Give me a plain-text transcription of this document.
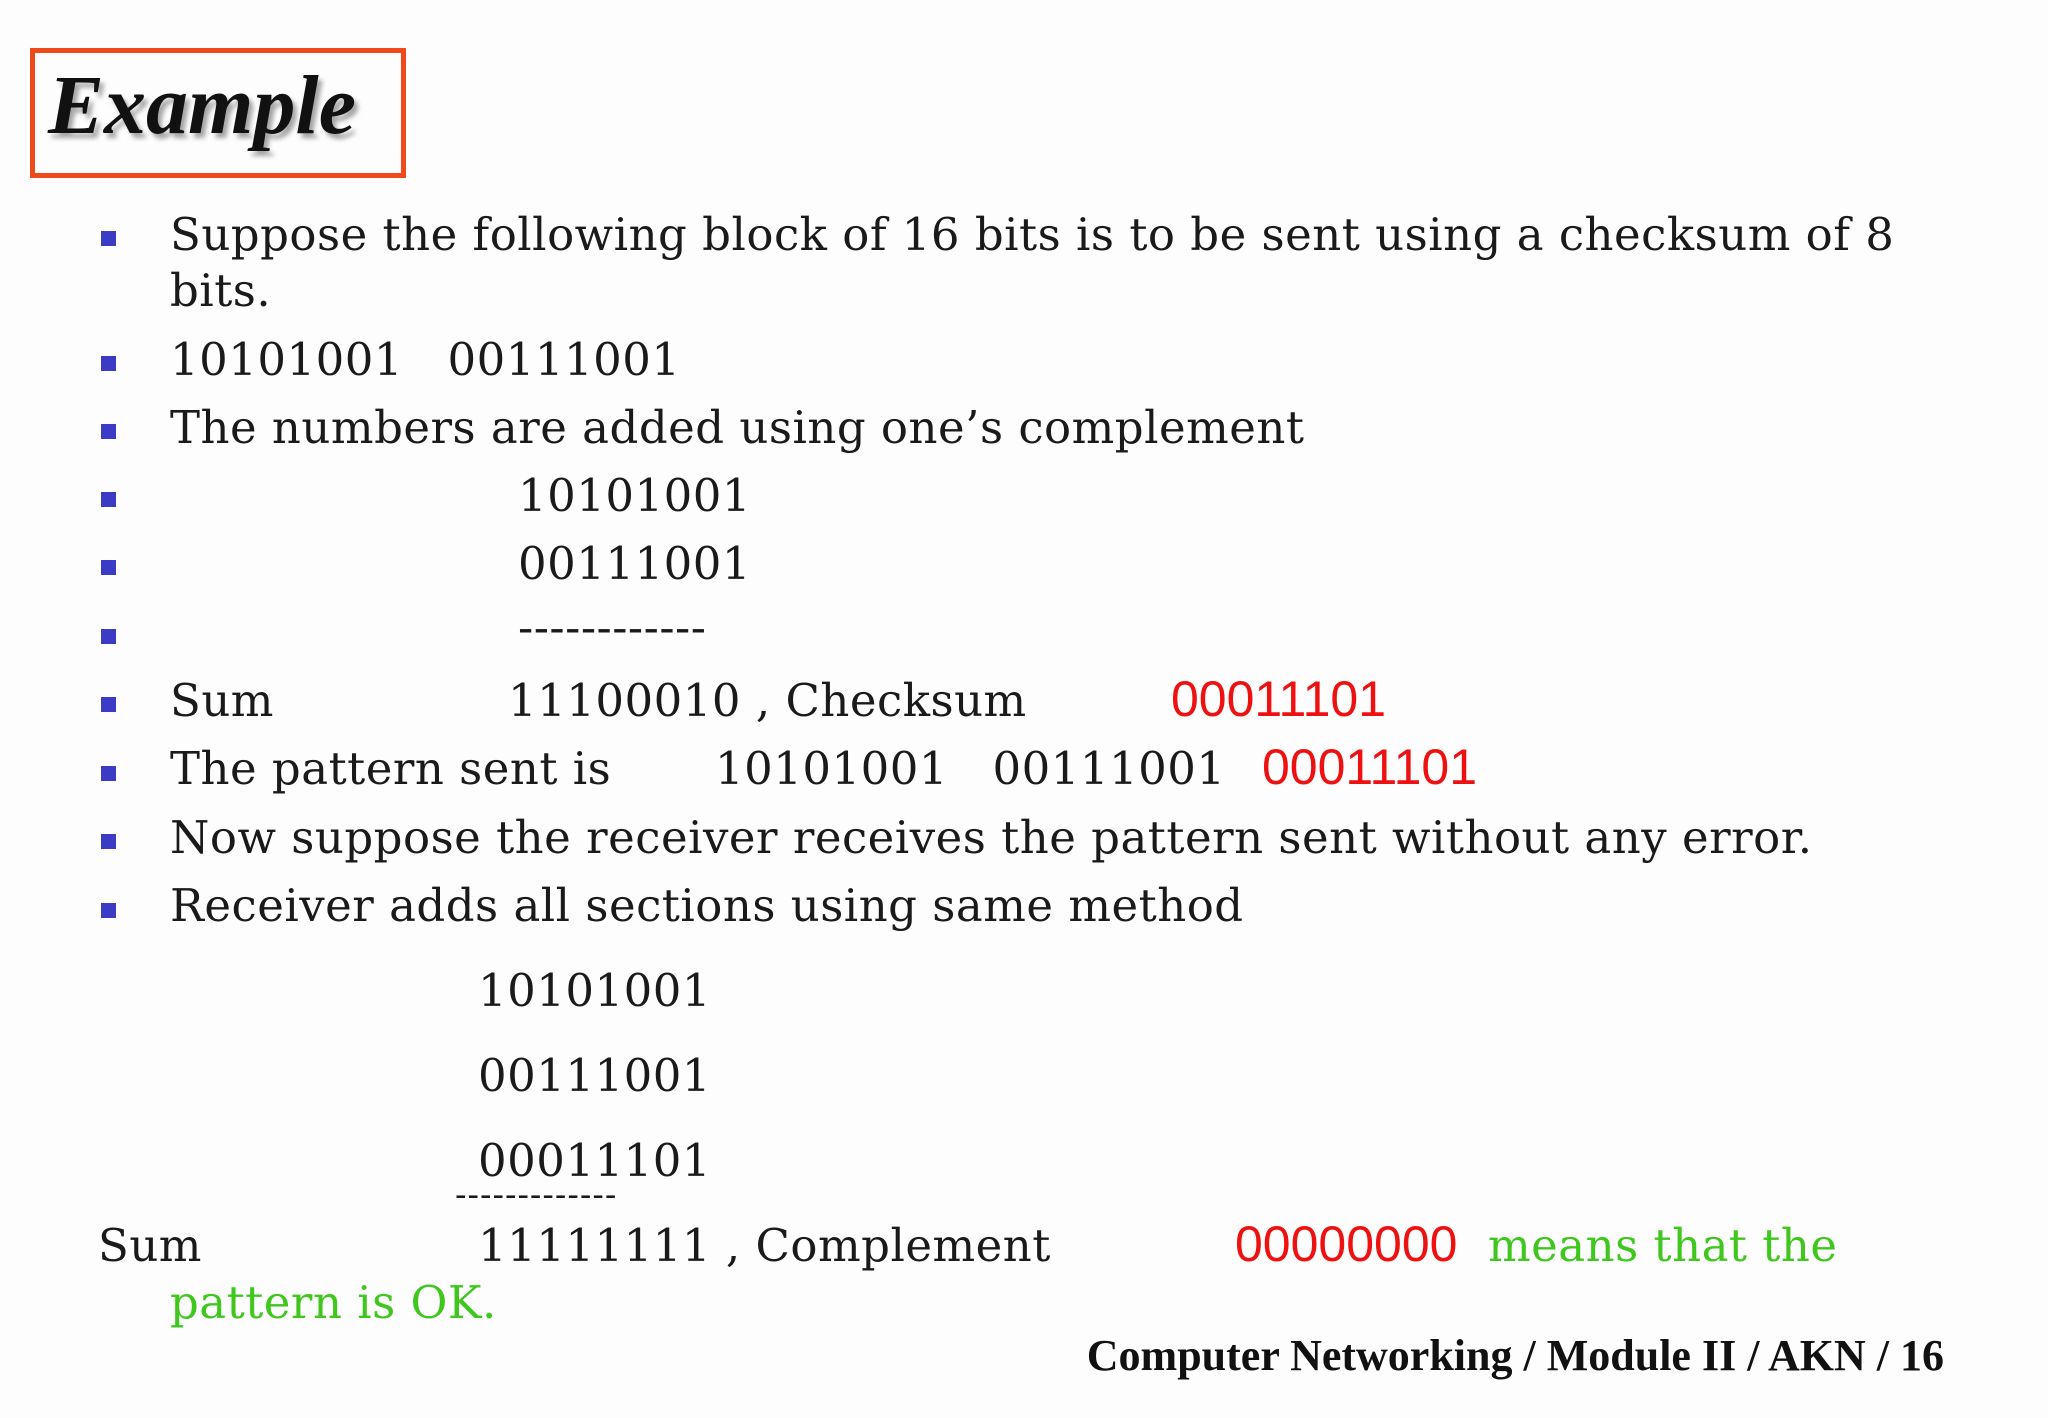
Example
Suppose the following block of 16 bits is to be sent using a checksum of 8
bits.
10101001   00111001
The numbers are added using one’s complement
10101001
00111001
------------
Sum	11100010 , Checksum	00011101
The pattern sent is 10101001   00111001 00011101
Now suppose the receiver receives the pattern sent without any error.
Receiver adds all sections using same method
10101001
00111001
00011101
-------------
Sum	11111111 , Complement	00000000 means that the
pattern is OK.
Computer Networking / Module II / AKN / 16
